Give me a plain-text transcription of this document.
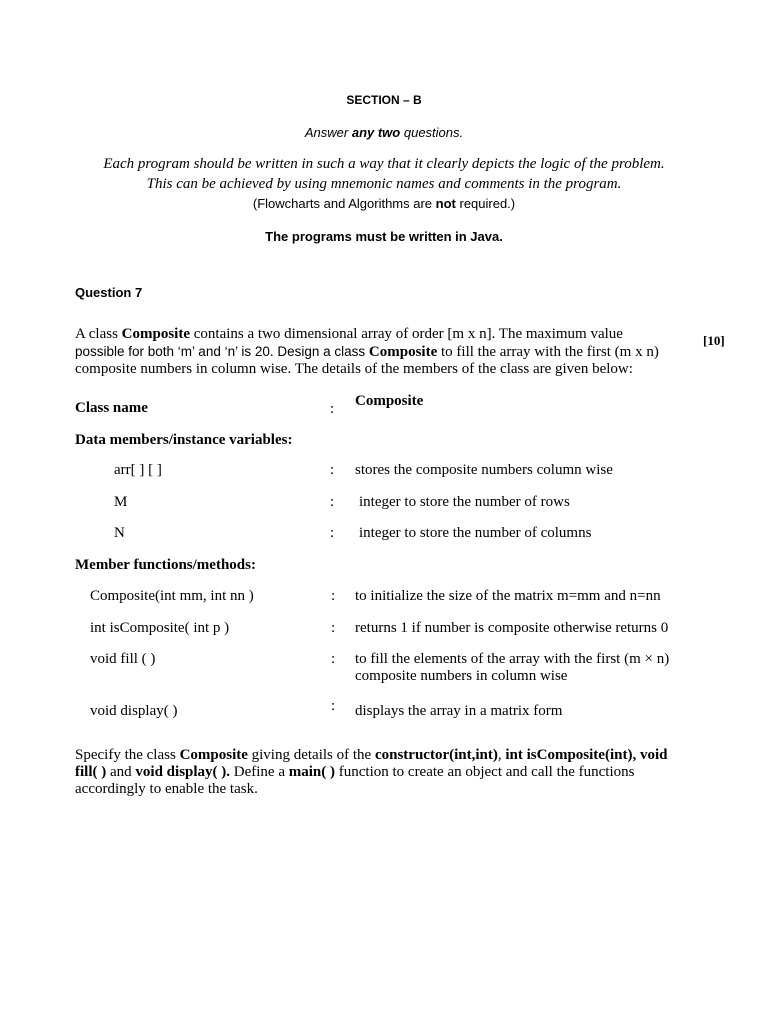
SECTION – B
Answer any two questions.
Each program should be written in such a way that it clearly depicts the logic of the problem.
This can be achieved by using mnemonic names and comments in the program.
(Flowcharts and Algorithms are not required.)
The programs must be written in Java.
Question 7
[10]
A class Composite contains a two dimensional array of order [m x n]. The maximum value
possible for both ‘m’ and ‘n’ is 20. Design a class Composite to fill the array with the first (m x n)
composite numbers in column wise. The details of the members of the class are given below:
Class name	: Composite
Data members/instance variables:
arr[ ] [ ]	: stores the composite numbers column wise
M	: integer to store the number of rows
N	: integer to store the number of columns
Member functions/methods:
Composite(int mm, int nn )	: to initialize the size of the matrix m=mm and n=nn
int isComposite( int p )	: returns 1 if number is composite otherwise returns 0
void fill ( )	: to fill the elements of the array with the first (m × n)
composite numbers in column wise
void display( )	: displays the array in a matrix form
Specify the class Composite giving details of the constructor(int,int), int isComposite(int), void
fill( ) and void display( ). Define a main( ) function to create an object and call the functions
accordingly to enable the task.
